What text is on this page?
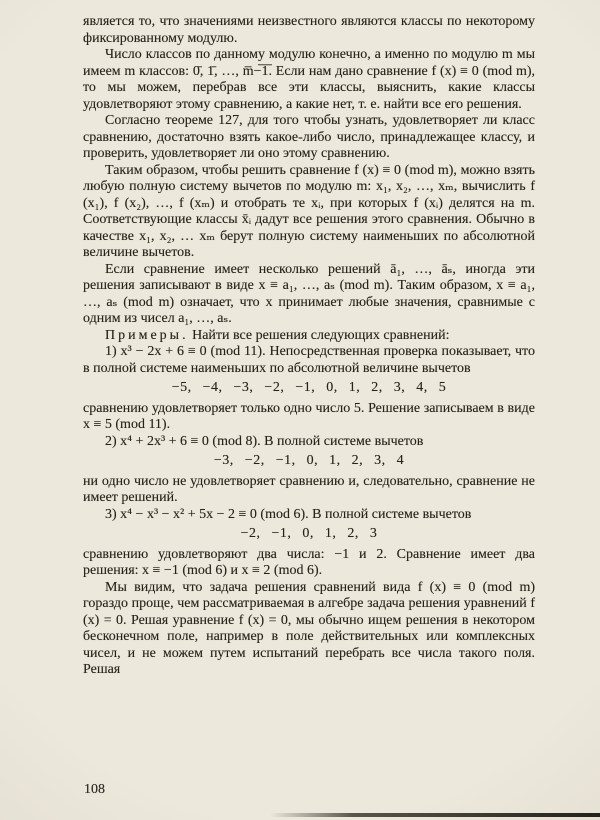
является то, что значениями неизвестного являются классы по некоторому фиксированному модулю.

Число классов по данному модулю конечно, а именно по модулю m мы имеем m классов: 0̄, 1̄, …, m̅−̅1̅. Если нам дано сравнение f (x) ≡ 0 (mod m), то мы можем, перебрав все эти классы, выяснить, какие классы удовлетворяют этому сравнению, а какие нет, т. е. найти все его решения.

Согласно теореме 127, для того чтобы узнать, удовлетворяет ли класс сравнению, достаточно взять какое-либо число, принадлежащее классу, и проверить, удовлетворяет ли оно этому сравнению.

Таким образом, чтобы решить сравнение f (x) ≡ 0 (mod m), можно взять любую полную систему вычетов по модулю m: x₁, x₂, …, xₘ, вычислить f (x₁), f (x₂), …, f (xₘ) и отобрать те xᵢ, при которых f (xᵢ) делятся на m. Соответствующие классы x̄ᵢ дадут все решения этого сравнения. Обычно в качестве x₁, x₂, … xₘ берут полную систему наименьших по абсолютной величине вычетов.

Если сравнение имеет несколько решений ā₁, …, āₛ, иногда эти решения записывают в виде x ≡ a₁, …, aₛ (mod m). Таким образом, x ≡ a₁, …, aₛ (mod m) означает, что x принимает любые значения, сравнимые с одним из чисел a₁, …, aₛ.

Примеры. Найти все решения следующих сравнений:

1) x³ − 2x + 6 ≡ 0 (mod 11). Непосредственная проверка показывает, что в полной системе наименьших по абсолютной величине вычетов

−5, −4, −3, −2, −1, 0, 1, 2, 3, 4, 5

сравнению удовлетворяет только одно число 5. Решение записываем в виде x ≡ 5 (mod 11).

2) x⁴ + 2x³ + 6 ≡ 0 (mod 8). В полной системе вычетов

−3, −2, −1, 0, 1, 2, 3, 4

ни одно число не удовлетворяет сравнению и, следовательно, сравнение не имеет решений.

3) x⁴ − x³ − x² + 5x − 2 ≡ 0 (mod 6). В полной системе вычетов

−2, −1, 0, 1, 2, 3

сравнению удовлетворяют два числа: −1 и 2. Сравнение имеет два решения: x ≡ −1 (mod 6) и x ≡ 2 (mod 6).

Мы видим, что задача решения сравнений вида f (x) ≡ 0 (mod m) гораздо проще, чем рассматриваемая в алгебре задача решения уравнений f (x) = 0. Решая уравнение f (x) = 0, мы обычно ищем решения в некотором бесконечном поле, например в поле действительных или комплексных чисел, и не можем путем испытаний перебрать все числа такого поля. Решая

108
